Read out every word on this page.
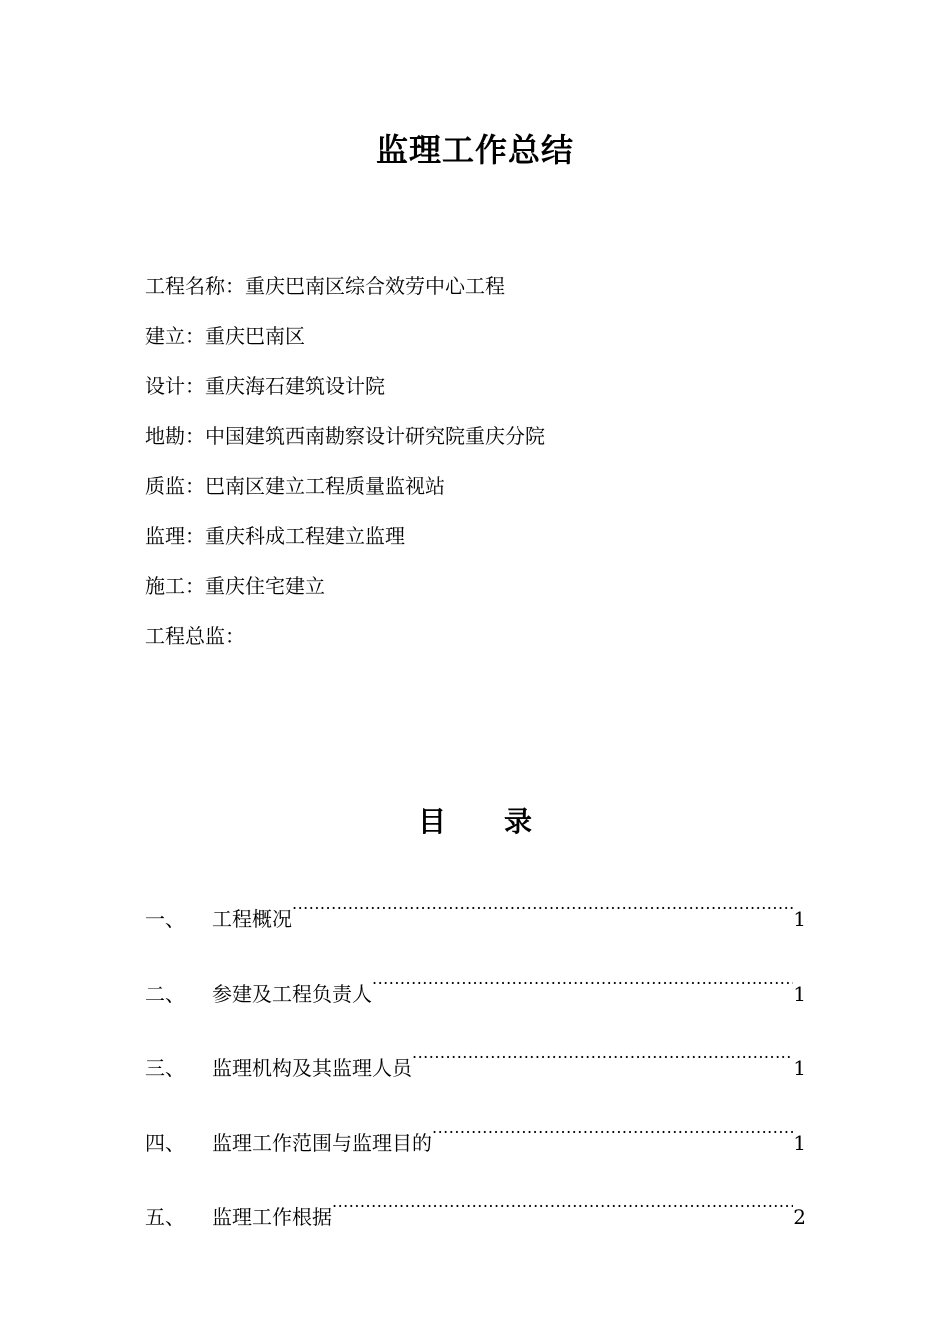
监理工作总结
工程名称：重庆巴南区综合效劳中心工程
建立：重庆巴南区
设计：重庆海石建筑设计院
地勘：中国建筑西南勘察设计研究院重庆分院
质监：巴南区建立工程质量监视站
监理：重庆科成工程建立监理
施工：重庆住宅建立
工程总监：
目 录
一、	工程概况 .....	1
二、	参建及工程负责人 .....	1
三、	监理机构及其监理人员 .....	1
四、	监理工作范围与监理目的 .....	1
五、	监理工作根据 .....	2
